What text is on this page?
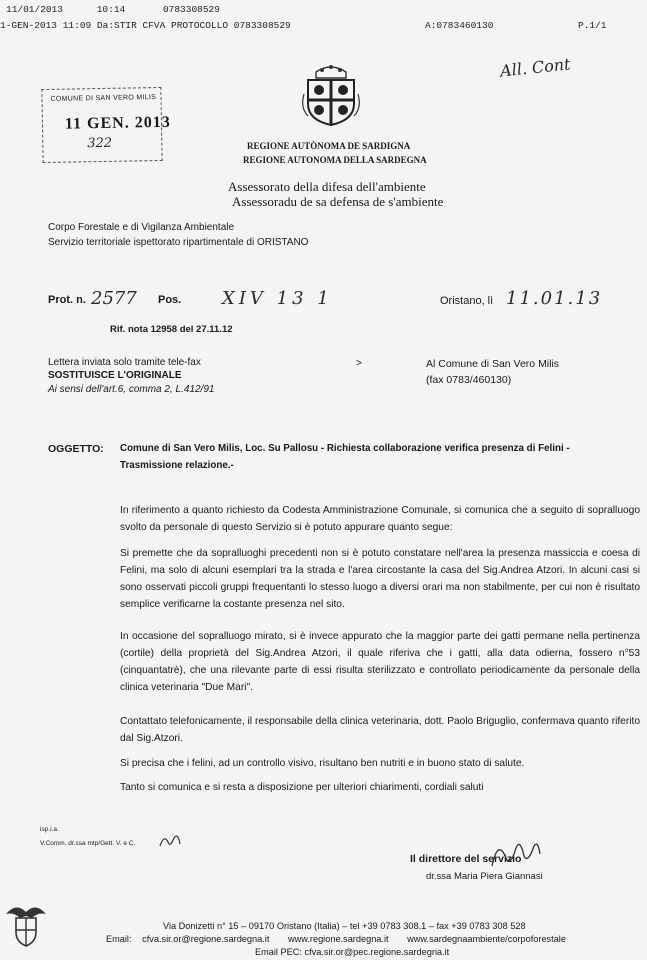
11/01/2013	10:14	0783308529
1-GEN-2013 11:09 Da:STIR CFVA PROTOCOLLO 0783308529	A:0783460130	P.1/1
All. Cont
COMUNE DI SAN VERO MILIS
11 GEN. 2013
322	REGIONE AUTÒNOMA DE SARDIGNA
REGIONE AUTONOMA DELLA SARDEGNA
Assessorato della difesa dell'ambiente
Assessoradu de sa defensa de s'ambiente
Corpo Forestale e di Vigilanza Ambientale
Servizio territoriale ispettorato ripartimentale di ORISTANO
Prot. n. 2577 Pos. XIV 13 1	Oristano, lì 11.01.13
Rif. nota 12958 del 27.11.12
Lettera inviata solo tramite tele-fax
SOSTITUISCE L'ORIGINALE
Ai sensi dell'art.6, comma 2, L.412/91
>	Al Comune di San Vero Milis
(fax 0783/460130)
OGGETTO: Comune di San Vero Milis, Loc. Su Pallosu - Richiesta collaborazione verifica presenza di Felini -
Trasmissione relazione.-

In riferimento a quanto richiesto da Codesta Amministrazione Comunale, si comunica che a seguito di sopralluogo svolto da personale di questo Servizio si è potuto appurare quanto segue:

Si premette che da sopralluoghi precedenti non si è potuto constatare nell'area la presenza massiccia e coesa di Felini, ma solo di alcuni esemplari tra la strada e l'area circostante la casa del Sig.Andrea Atzori. In alcuni casi si sono osservati piccoli gruppi frequentanti lo stesso luogo a diversi orari ma non stabilmente, per cui non è risultato semplice verificarne la costante presenza nel sito.

In occasione del sopralluogo mirato, si è invece appurato che la maggior parte dei gatti permane nella pertinenza (cortile) della proprietà del Sig.Andrea Atzori, il quale riferiva che i gatti, alla data odierna, fossero n°53 (cinquantatrè), che una rilevante parte di essi risulta sterilizzato e controllato periodicamente da personale della clinica veterinaria "Due Mari".

Contattato telefonicamente, il responsabile della clinica veterinaria, dott. Paolo Briguglio, confermava quanto riferito dal Sig.Atzori.

Si precisa che i felini, ad un controllo visivo, risultano ben nutriti e in buono stato di salute.

Tanto si comunica e si resta a disposizione per ulteriori chiarimenti, cordiali saluti

isp.i.a.
V.Comm. dr.ssa mtp/Gett. V. e C.
Il direttore del servizio
dr.ssa Maria Piera Giannasi
Via Donizetti n° 15 – 09170 Oristano (Italia) – tel +39 0783 308.1 – fax +39 0783 308 528
Email: cfva.sir.or@regione.sardegna.it www.regione.sardegna.it www.sardegnaambiente/corpoforestale
Email PEC: cfva.sir.or@pec.regione.sardegna.it
